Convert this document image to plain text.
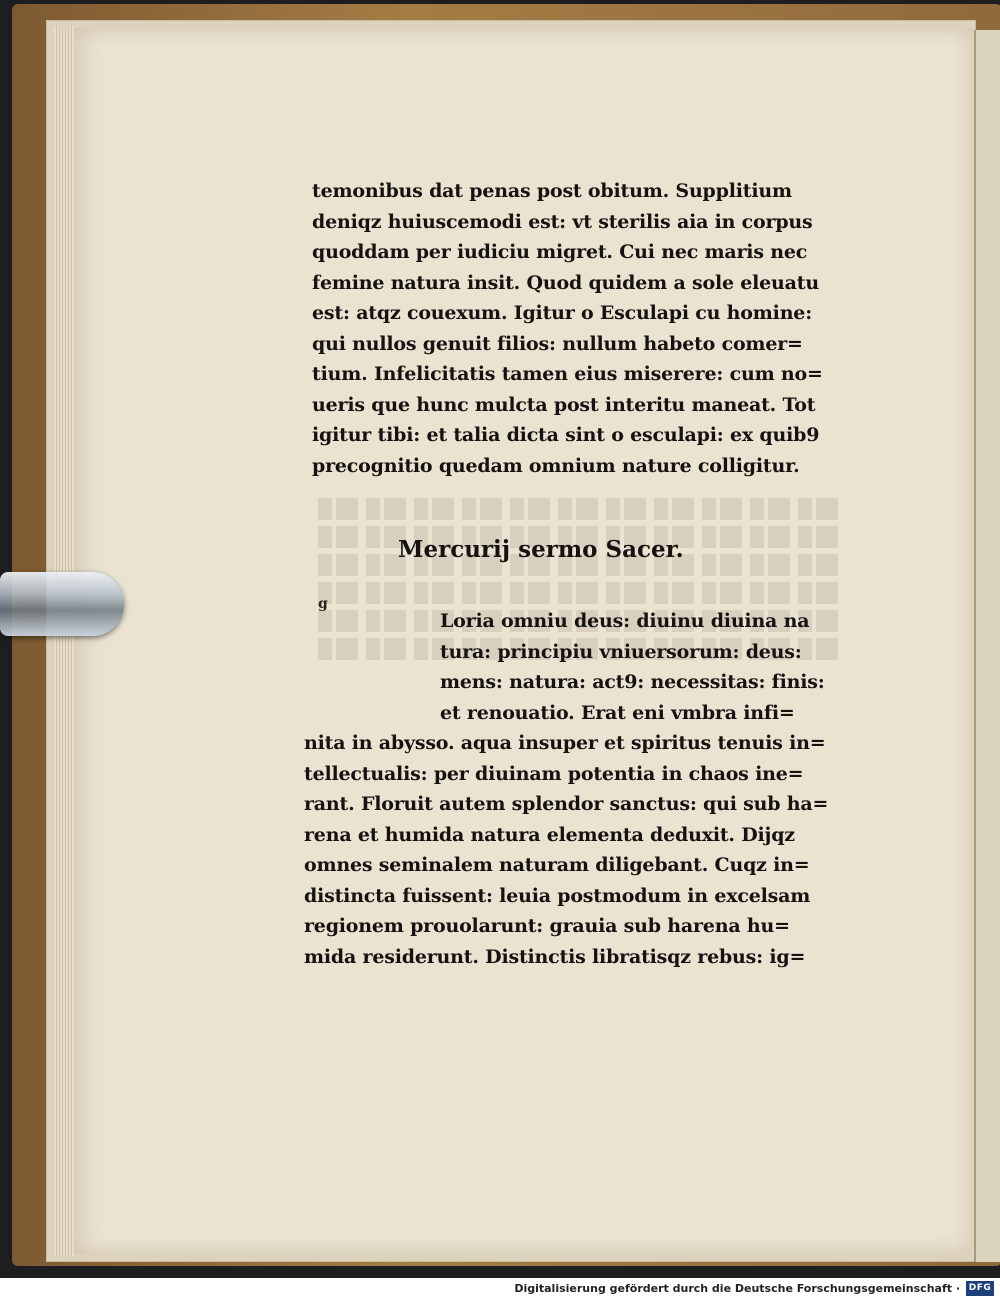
temonibus dat penas post obitum. Supplitium
deniqz huiuscemodi est: vt sterilis aia in corpus
quoddam per iudiciu migret. Cui nec maris nec
femine natura insit. Quod quidem a sole eleuatu
est: atqz couexum. Igitur o Esculapi cu homine:
qui nullos genuit filios: nullum habeto comer=
tium. Infelicitatis tamen eius miserere: cum no=
ueris que hunc mulcta post interitu maneat. Tot
igitur tibi: et talia dicta sint o esculapi: ex quib9
precognitio quedam omnium nature colligitur.
Mercurij sermo Sacer.
g
Loria omniu deus: diuinu diuina na
tura: principiu vniuersorum: deus:
mens: natura: act9: necessitas: finis:
et renouatio. Erat eni vmbra infi=
nita in abysso. aqua insuper et spiritus tenuis in=
tellectualis: per diuinam potentia in chaos ine=
rant. Floruit autem splendor sanctus: qui sub ha=
rena et humida natura elementa deduxit. Dijqz
omnes seminalem naturam diligebant. Cuqz in=
distincta fuissent: leuia postmodum in excelsam
regionem prouolarunt: grauia sub harena hu=
mida residerunt. Distinctis libratisqz rebus: ig=
Digitalisierung gefördert durch die Deutsche Forschungsgemeinschaft · DFG
